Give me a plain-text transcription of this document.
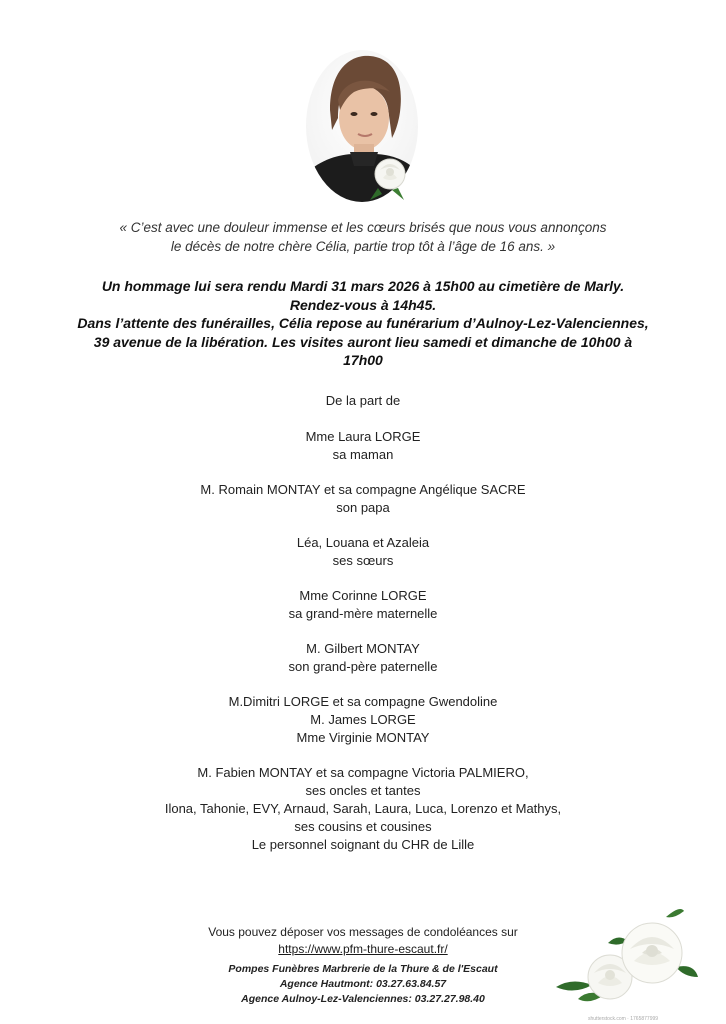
« C’est avec une douleur immense et les cœurs brisés que nous vous annonçons
le décès de notre chère Célia, partie trop tôt à l’âge de 16 ans. »
Un hommage lui sera rendu Mardi 31 mars 2026 à 15h00 au cimetière de Marly.
Rendez-vous à 14h45.
Dans l’attente des funérailles, Célia repose au funérarium d’Aulnoy-Lez-Valenciennes,
39 avenue de la libération. Les visites auront lieu samedi et dimanche de 10h00 à
17h00

De la part de

Mme Laura LORGE

sa maman

M. Romain MONTAY et sa compagne Angélique SACRE

son papa

Léa, Louana et Azaleia

ses sœurs

Mme Corinne LORGE

sa grand-mère maternelle

M. Gilbert MONTAY

son grand-père paternelle

M.Dimitri LORGE et sa compagne Gwendoline

M. James LORGE

Mme Virginie MONTAY

M. Fabien MONTAY et sa compagne Victoria PALMIERO,

ses oncles et tantes

Ilona, Tahonie, EVY, Arnaud, Sarah, Laura, Luca, Lorenzo et Mathys,

ses cousins et cousines

Le personnel soignant du CHR de Lille

Vous pouvez déposer vos messages de condoléances sur
https://www.pfm-thure-escaut.fr/
Pompes Funèbres Marbrerie de la Thure & de l'Escaut
Agence Hautmont: 03.27.63.84.57
Agence Aulnoy-Lez-Valenciennes: 03.27.27.98.40
shutterstock.com · 1765877999
